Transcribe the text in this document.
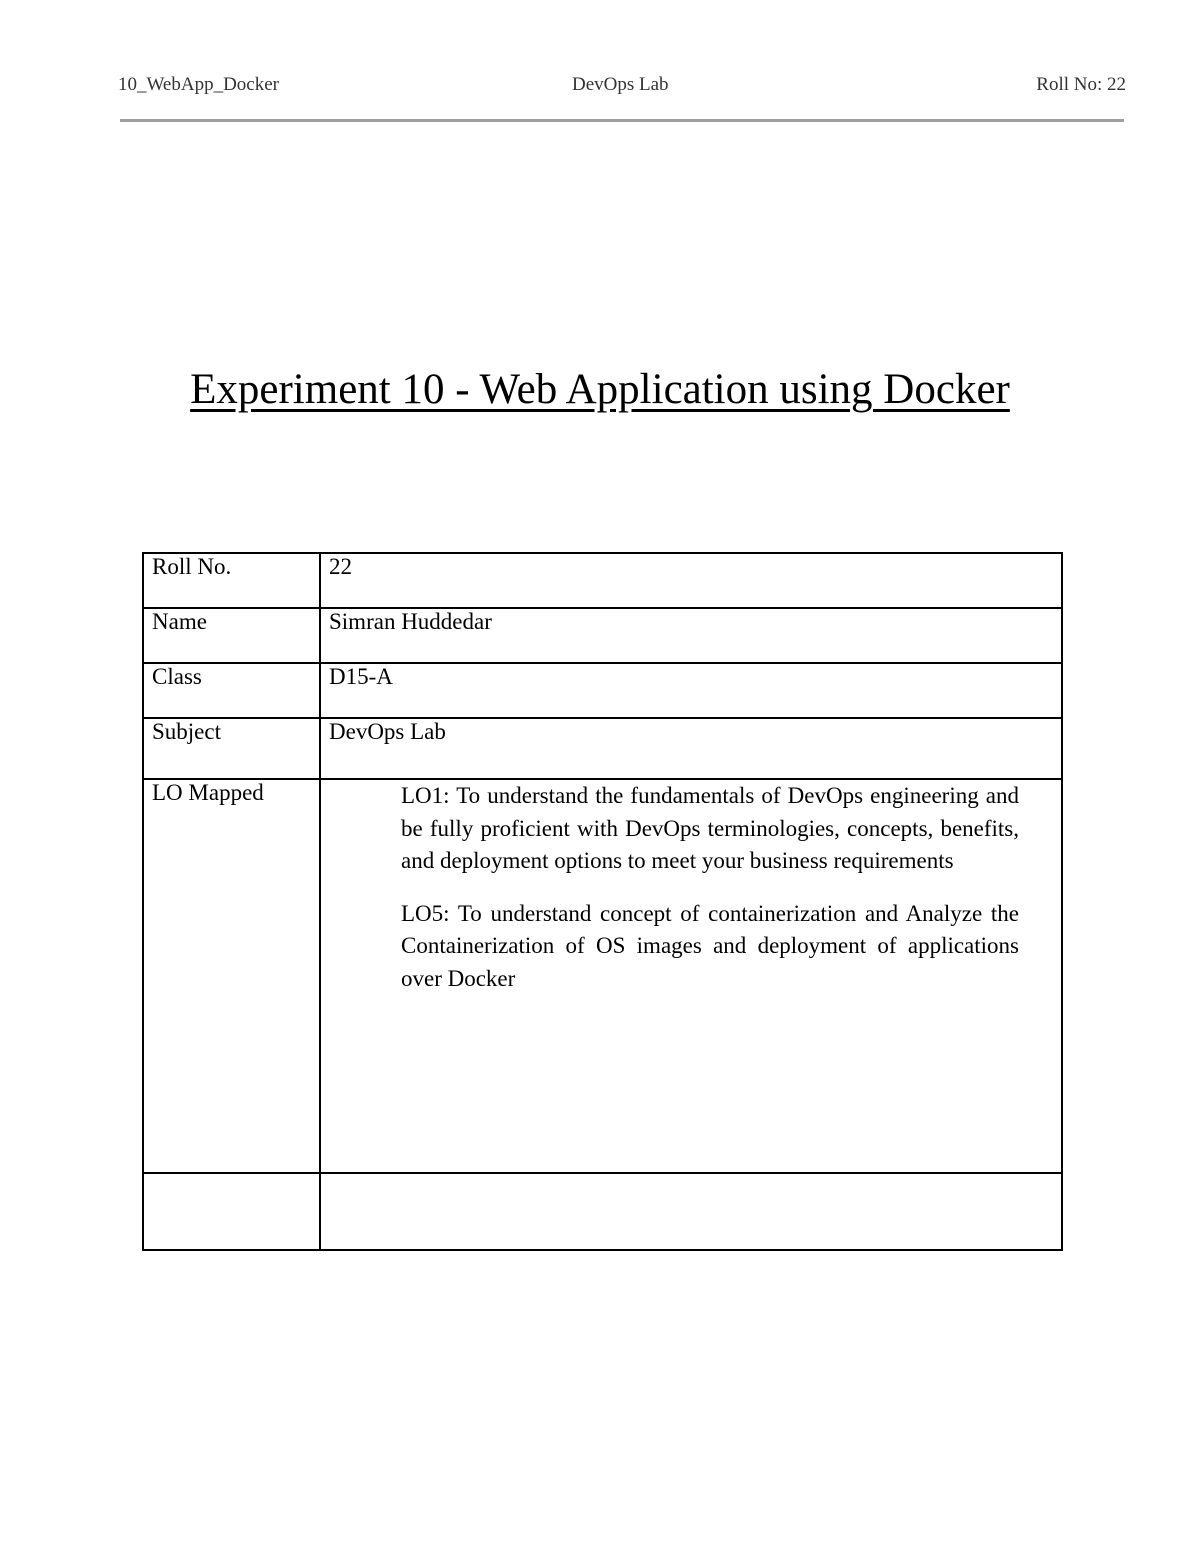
10_WebApp_Docker	DevOps Lab	Roll No: 22
Experiment 10 - Web Application using Docker
Roll No.	22
Name	Simran Huddedar
Class	D15-A
Subject	DevOps Lab
LO Mapped	LO1: To understand the fundamentals of DevOps engineering and be fully proficient with DevOps terminologies, concepts, benefits, and deployment options to meet your business requirements

LO5: To understand concept of containerization and Analyze the Containerization of OS images and deployment of applications over Docker
